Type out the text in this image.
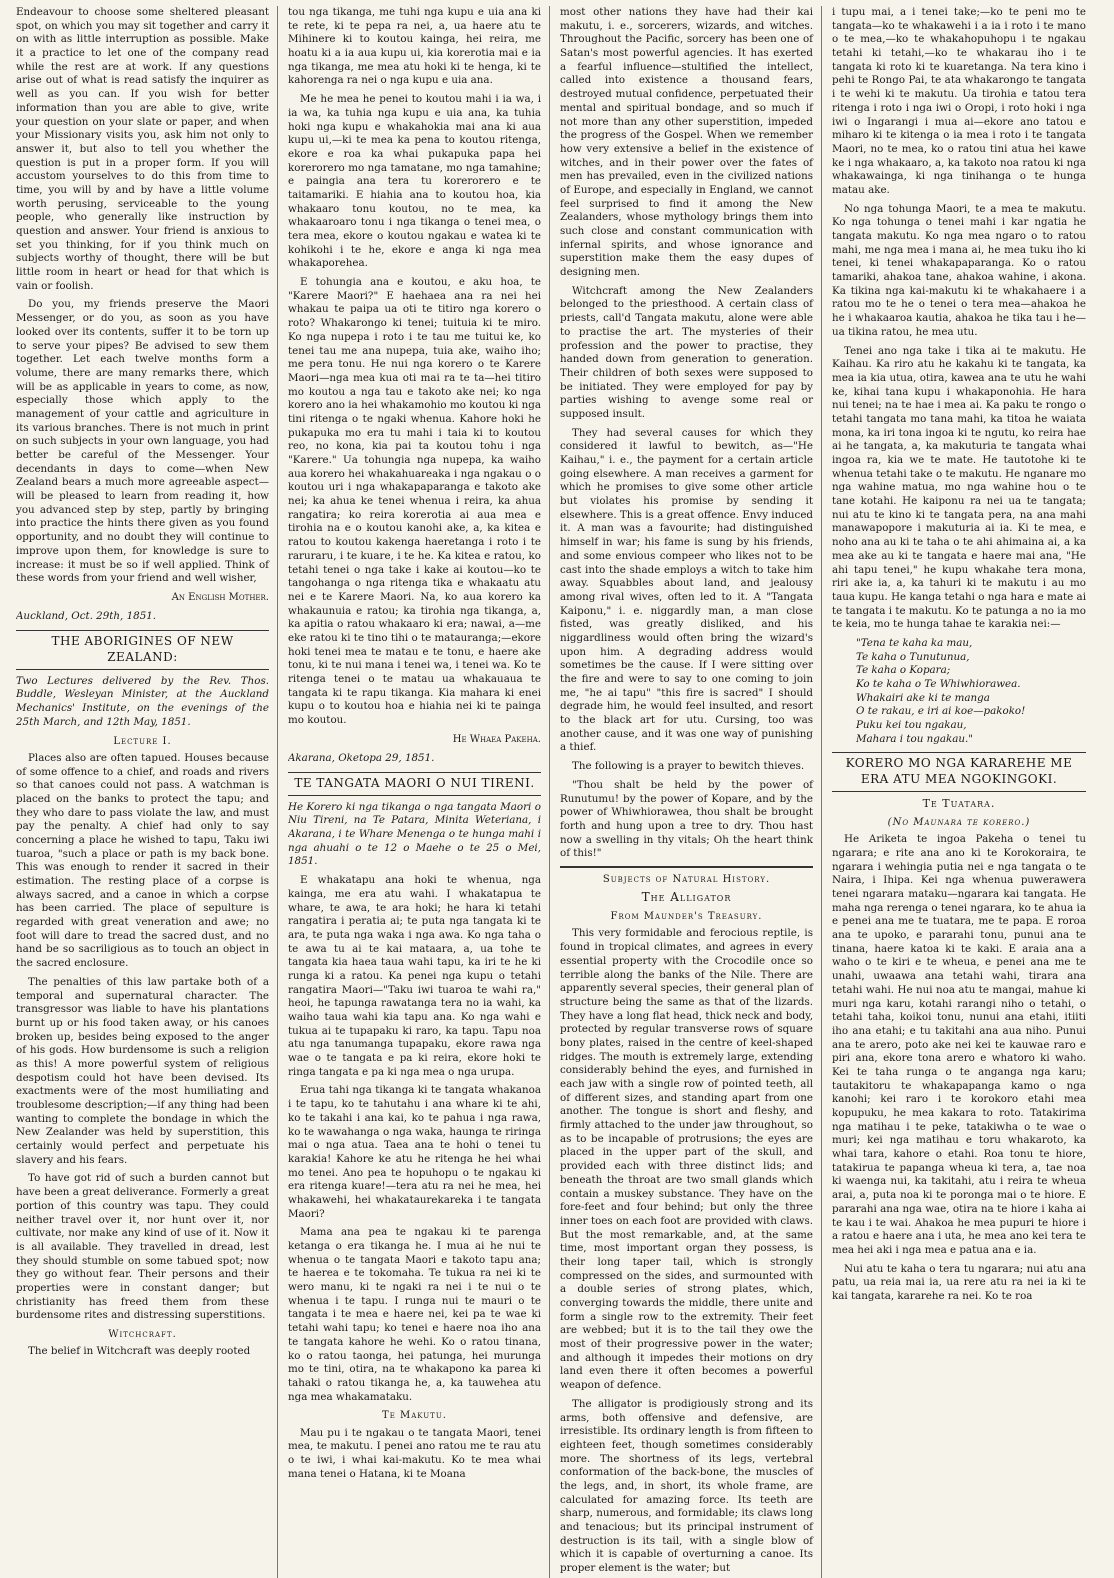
Endeavour to choose some sheltered pleasant spot, on which you may sit together and carry it on with as little interruption as possible. Make it a practice to let one of the company read while the rest are at work. If any questions arise out of what is read satisfy the inquirer as well as you can. If you wish for better information than you are able to give, write your question on your slate or paper, and when your Missionary visits you, ask him not only to answer it, but also to tell you whether the question is put in a proper form. If you will accustom yourselves to do this from time to time, you will by and by have a little volume worth perusing, serviceable to the young people, who generally like instruction by question and answer. Your friend is anxious to set you thinking, for if you think much on subjects worthy of thought, there will be but little room in heart or head for that which is vain or foolish.

Do you, my friends preserve the Maori Messenger, or do you, as soon as you have looked over its contents, suffer it to be torn up to serve your pipes? Be advised to sew them together. Let each twelve months form a volume, there are many remarks there, which will be as applicable in years to come, as now, especially those which apply to the management of your cattle and agriculture in its various branches. There is not much in print on such subjects in your own language, you had better be careful of the Messenger. Your decendants in days to come—when New Zealand bears a much more agreeable aspect—will be pleased to learn from reading it, how you advanced step by step, partly by bringing into practice the hints there given as you found opportunity, and no doubt they will continue to improve upon them, for knowledge is sure to increase: it must be so if well applied. Think of these words from your friend and well wisher,

An English Mother.

Auckland, Oct. 29th, 1851.

THE ABORIGINES OF NEW ZEALAND:

Two Lectures delivered by the Rev. Thos. Buddle, Wesleyan Minister, at the Auckland Mechanics' Institute, on the evenings of the 25th March, and 12th May, 1851.

Lecture I.

Places also are often tapued. Houses because of some offence to a chief, and roads and rivers so that canoes could not pass. A watchman is placed on the banks to protect the tapu; and they who dare to pass violate the law, and must pay the penalty. A chief had only to say concerning a place he wished to tapu, Taku iwi tuaroa, "such a place or path is my back bone. This was enough to render it sacred in their estimation. The resting place of a corpse is always sacred, and a canoe in which a corpse has been carried. The place of sepulture is regarded with great veneration and awe; no foot will dare to tread the sacred dust, and no hand be so sacriligious as to touch an object in the sacred enclosure.

The penalties of this law partake both of a temporal and supernatural character. The transgressor was liable to have his plantations burnt up or his food taken away, or his canoes broken up, besides being exposed to the anger of his gods. How burdensome is such a religion as this! A more powerful system of religious despotism could hot have been devised. Its exactments were of the most humiliating and troublesome description;—if any thing had been wanting to complete the bondage in which the New Zealander was held by superstition, this certainly would perfect and perpetuate his slavery and his fears.

To have got rid of such a burden cannot but have been a great deliverance. Formerly a great portion of this country was tapu. They could neither travel over it, nor hunt over it, nor cultivate, nor make any kind of use of it. Now it is all available. They travelled in dread, lest they should stumble on some tabued spot; now they go without fear. Their persons and their properties were in constant danger; but christianity has freed them from these burdensome rites and distressing superstitions.

Witchcraft.

The belief in Witchcraft was deeply rooted

tou nga tikanga, me tuhi nga kupu e uia ana ki te rete, ki te pepa ra nei, a, ua haere atu te Mihinere ki to koutou kainga, hei reira, me hoatu ki a ia aua kupu ui, kia korerotia mai e ia nga tikanga, me mea atu hoki ki te henga, ki te kahorenga ra nei o nga kupu e uia ana.

Me he mea he penei to koutou mahi i ia wa, i ia wa, ka tuhia nga kupu e uia ana, ka tuhia hoki nga kupu e whakahokia mai ana ki aua kupu ui,—ki te mea ka pena to koutou ritenga, ekore e roa ka whai pukapuka papa hei korerorero mo nga tamatane, mo nga tamahine; e paingia ana tera tu korerorero e te taitamariki. E hiahia ana to koutou hoa, kia whakaaro tonu koutou, no te mea, ka whakaaroaro tonu i nga tikanga o tenei mea, o tera mea, ekore o koutou ngakau e watea ki te kohikohi i te he, ekore e anga ki nga mea whakaporehea.

E tohungia ana e koutou, e aku hoa, te "Karere Maori?" E haehaea ana ra nei hei whakau te paipa ua oti te titiro nga korero o roto? Whakarongo ki tenei; tuituia ki te miro. Ko nga nupepa i roto i te tau me tuitui ke, ko tenei tau me ana nupepa, tuia ake, waiho iho; me pera tonu. He nui nga korero o te Karere Maori—nga mea kua oti mai ra te ta—hei titiro mo koutou a nga tau e takoto ake nei; ko nga korero ano ia hei whakamohio mo koutou ki nga tini ritenga o te ngaki whenua. Kahore hoki he pukapuka mo era tu mahi i taia ki to koutou reo, no kona, kia pai ta koutou tohu i nga "Karere." Ua tohungia nga nupepa, ka waiho aua korero hei whakahuareaka i nga ngakau o o koutou uri i nga whakapaparanga e takoto ake nei; ka ahua ke tenei whenua i reira, ka ahua rangatira; ko reira korerotia ai aua mea e tirohia na e o koutou kanohi ake, a, ka kitea e ratou to koutou kakenga haeretanga i roto i te raruraru, i te kuare, i te he. Ka kitea e ratou, ko tetahi tenei o nga take i kake ai koutou—ko te tangohanga o nga ritenga tika e whakaatu atu nei e te Karere Maori. Na, ko aua korero ka whakaunuia e ratou; ka tirohia nga tikanga, a, ka apitia o ratou whakaaro ki era; nawai, a—me eke ratou ki te tino tihi o te matauranga;—ekore hoki tenei mea te matau e te tonu, e haere ake tonu, ki te nui mana i tenei wa, i tenei wa. Ko te ritenga tenei o te matau ua whakauaua te tangata ki te rapu tikanga. Kia mahara ki enei kupu o to koutou hoa e hiahia nei ki te painga mo koutou.

He Whaea Pakeha.

Akarana, Oketopa 29, 1851.

TE TANGATA MAORI O NUI TIRENI.

He Korero ki nga tikanga o nga tangata Maori o Niu Tireni, na Te Patara, Minita Weteriana, i Akarana, i te Whare Menenga o te hunga mahi i nga ahuahi o te 12 o Maehe o te 25 o Mei, 1851.

E whakatapu ana hoki te whenua, nga kainga, me era atu wahi. I whakatapua te whare, te awa, te ara hoki; he hara ki tetahi rangatira i peratia ai; te puta nga tangata ki te ara, te puta nga waka i nga awa. Ko nga taha o te awa tu ai te kai mataara, a, ua tohe te tangata kia haea taua wahi tapu, ka iri te he ki runga ki a ratou. Ka penei nga kupu o tetahi rangatira Maori—"Taku iwi tuaroa te wahi ra," heoi, he tapunga rawatanga tera no ia wahi, ka waiho taua wahi kia tapu ana. Ko nga wahi e tukua ai te tupapaku ki raro, ka tapu. Tapu noa atu nga tanumanga tupapaku, ekore rawa nga wae o te tangata e pa ki reira, ekore hoki te ringa tangata e pa ki nga mea o nga urupa.

Erua tahi nga tikanga ki te tangata whakanoa i te tapu, ko te tahutahu i ana whare ki te ahi, ko te takahi i ana kai, ko te pahua i nga rawa, ko te wawahanga o nga waka, haunga te riringa mai o nga atua. Taea ana te hohi o tenei tu karakia! Kahore ke atu he ritenga he hei whai mo tenei. Ano pea te hopuhopu o te ngakau ki era ritenga kuare!—tera atu ra nei he mea, hei whakawehi, hei whakataurekareka i te tangata Maori?

Mama ana pea te ngakau ki te parenga ketanga o era tikanga he. I mua ai he nui te whenua o te tangata Maori e takoto tapu ana; te haerea e te tokomaha. Te tukua ra nei ki te wero manu, ki te ngaki ra nei i te nui o te whenua i te tapu. I runga nui te mauri o te tangata i te mea e haere nei, kei pa te wae ki tetahi wahi tapu; ko tenei e haere noa iho ana te tangata kahore he wehi. Ko o ratou tinana, ko o ratou taonga, hei patunga, hei murunga mo te tini, otira, na te whakapono ka parea ki tahaki o ratou tikanga he, a, ka tauwehea atu nga mea whakamataku.

Te Makutu.

Mau pu i te ngakau o te tangata Maori, tenei mea, te makutu. I penei ano ratou me te rau atu o te iwi, i whai kai-makutu. Ko te mea whai mana tenei o Hatana, ki te Moana

most other nations they have had their kai makutu, i. e., sorcerers, wizards, and witches. Throughout the Pacific, sorcery has been one of Satan's most powerful agencies. It has exerted a fearful influence—stultified the intellect, called into existence a thousand fears, destroyed mutual confidence, perpetuated their mental and spiritual bondage, and so much if not more than any other superstition, impeded the progress of the Gospel. When we remember how very extensive a belief in the existence of witches, and in their power over the fates of men has prevailed, even in the civilized nations of Europe, and especially in England, we cannot feel surprised to find it among the New Zealanders, whose mythology brings them into such close and constant communication with infernal spirits, and whose ignorance and superstition make them the easy dupes of designing men.

Witchcraft among the New Zealanders belonged to the priesthood. A certain class of priests, call'd Tangata makutu, alone were able to practise the art. The mysteries of their profession and the power to practise, they handed down from generation to generation. Their children of both sexes were supposed to be initiated. They were employed for pay by parties wishing to avenge some real or supposed insult.

They had several causes for which they considered it lawful to bewitch, as—"He Kaihau," i. e., the payment for a certain article going elsewhere. A man receives a garment for which he promises to give some other article but violates his promise by sending it elsewhere. This is a great offence. Envy induced it. A man was a favourite; had distinguished himself in war; his fame is sung by his friends, and some envious compeer who likes not to be cast into the shade employs a witch to take him away. Squabbles about land, and jealousy among rival wives, often led to it. A "Tangata Kaiponu," i. e. niggardly man, a man close fisted, was greatly disliked, and his niggardliness would often bring the wizard's upon him. A degrading address would sometimes be the cause. If I were sitting over the fire and were to say to one coming to join me, "he ai tapu" "this fire is sacred" I should degrade him, he would feel insulted, and resort to the black art for utu. Cursing, too was another cause, and it was one way of punishing a thief.

The following is a prayer to bewitch thieves.

"Thou shalt be held by the power of Runutumu! by the power of Kopare, and by the power of Whiwhiorawea, thou shalt be brought forth and hung upon a tree to dry. Thou hast now a swelling in thy vitals; Oh the heart think of this!"

Subjects of Natural History.
The Alligator
From Maunder's Treasury.

This very formidable and ferocious reptile, is found in tropical climates, and agrees in every essential property with the Crocodile once so terrible along the banks of the Nile. There are apparently several species, their general plan of structure being the same as that of the lizards. They have a long flat head, thick neck and body, protected by regular transverse rows of square bony plates, raised in the centre of keel-shaped ridges. The mouth is extremely large, extending considerably behind the eyes, and furnished in each jaw with a single row of pointed teeth, all of different sizes, and standing apart from one another. The tongue is short and fleshy, and firmly attached to the under jaw throughout, so as to be incapable of protrusions; the eyes are placed in the upper part of the skull, and provided each with three distinct lids; and beneath the throat are two small glands which contain a muskey substance. They have on the fore-feet and four behind; but only the three inner toes on each foot are provided with claws. But the most remarkable, and, at the same time, most important organ they possess, is their long taper tail, which is strongly compressed on the sides, and surmounted with a double series of strong plates, which, converging towards the middle, there unite and form a single row to the extremity. Their feet are webbed; but it is to the tail they owe the most of their progressive power in the water; and although it impedes their motions on dry land even there it often becomes a powerful weapon of defence.

The alligator is prodigiously strong and its arms, both offensive and defensive, are irresistible. Its ordinary length is from fifteen to eighteen feet, though sometimes considerably more. The shortness of its legs, vertebral conformation of the back-bone, the muscles of the legs, and, in short, its whole frame, are calculated for amazing force. Its teeth are sharp, numerous, and formidable; its claws long and tenacious; but its principal instrument of destruction is its tail, with a single blow of which it is capable of overturning a canoe. Its proper element is the water; but

i tupu mai, a i tenei take;—ko te peni mo te tangata—ko te whakawehi i a ia i roto i te mano o te mea,—ko te whakahopuhopu i te ngakau tetahi ki tetahi,—ko te whakarau iho i te tangata ki roto ki te kuaretanga. Na tera kino i pehi te Rongo Pai, te ata whakarongo te tangata i te wehi ki te makutu. Ua tirohia e tatou tera ritenga i roto i nga iwi o Oropi, i roto hoki i nga iwi o Ingarangi i mua ai—ekore ano tatou e miharo ki te kitenga o ia mea i roto i te tangata Maori, no te mea, ko o ratou tini atua hei kawe ke i nga whakaaro, a, ka takoto noa ratou ki nga whakawainga, ki nga tinihanga o te hunga matau ake.

No nga tohunga Maori, te a mea te makutu. Ko nga tohunga o tenei mahi i kar ngatia he tangata makutu. Ko nga mea ngaro o to ratou mahi, me nga mea i mana ai, he mea tuku iho ki tenei, ki tenei whakapaparanga. Ko o ratou tamariki, ahakoa tane, ahakoa wahine, i akona. Ka tikina nga kai-makutu ki te whakahaere i a ratou mo te he o tenei o tera mea—ahakoa he he i whakaaroa kautia, ahakoa he tika tau i he—ua tikina ratou, he mea utu.

Tenei ano nga take i tika ai te makutu. He Kaihau. Ka riro atu he kakahu ki te tangata, ka mea ia kia utua, otira, kawea ana te utu he wahi ke, kihai tana kupu i whakaponohia. He hara nui tenei; na te hae i mea ai. Ka paku te rongo o tetahi tangata mo tana mahi, ka titoa he waiata mona, ka iri tona ingoa ki te ngutu, ko reira hae ai he tangata, a, ka makuturia te tangata whai ingoa ra, kia we te mate. He tautotohe ki te whenua tetahi take o te makutu. He nganare mo nga wahine matua, mo nga wahine hou o te tane kotahi. He kaiponu ra nei ua te tangata; nui atu te kino ki te tangata pera, na ana mahi manawapopore i makuturia ai ia. Ki te mea, e noho ana au ki te taha o te ahi ahimaina ai, a ka mea ake au ki te tangata e haere mai ana, "He ahi tapu tenei," he kupu whakahe tera mona, riri ake ia, a, ka tahuri ki te makutu i au mo taua kupu. He kanga tetahi o nga hara e mate ai te tangata i te makutu. Ko te patunga a no ia mo te keia, mo te hunga tahae te karakia nei:—

"Tena te kaha ka mau,
Te kaha o Tunutunua,
Te kaha o Kopara;
Ko te kaha o Te Whiwhiorawea.
Whakairi ake ki te manga
O te rakau, e iri ai koe—pakoko!
Puku kei tou ngakau,
Mahara i tou ngakau."
KORERO MO NGA KARAREHE ME ERA ATU MEA NGOKINGOKI.
Te Tuatara.
(No Maunara te korero.)

He Ariketa te ingoa Pakeha o tenei tu ngarara; e rite ana ano ki te Korokoraira, te ngarara i wehingia putia nei e nga tangata o te Naira, i Ihipa. Kei nga whenua puwerawera tenei ngarara mataku—ngarara kai tangata. He maha nga rerenga o tenei ngarara, ko te ahua ia e penei ana me te tuatara, me te papa. E roroa ana te upoko, e pararahi tonu, punui ana te tinana, haere katoa ki te kaki. E araia ana a waho o te kiri e te wheua, e penei ana me te unahi, uwaawa ana tetahi wahi, tirara ana tetahi wahi. He nui noa atu te mangai, mahue ki muri nga karu, kotahi rarangi niho o tetahi, o tetahi taha, koikoi tonu, nunui ana etahi, itiiti iho ana etahi; e tu takitahi ana aua niho. Punui ana te arero, poto ake nei kei te kauwae raro e piri ana, ekore tona arero e whatoro ki waho. Kei te taha runga o te anganga nga karu; tautakitoru te whakapapanga kamo o nga kanohi; kei raro i te korokoro etahi mea kopupuku, he mea kakara to roto. Tatakirima nga matihau i te peke, tatakiwha o te wae o muri; kei nga matihau e toru whakaroto, ka whai tara, kahore o etahi. Roa tonu te hiore, tatakirua te papanga wheua ki tera, a, tae noa ki waenga nui, ka takitahi, atu i reira te wheua arai, a, puta noa ki te poronga mai o te hiore. E pararahi ana nga wae, otira na te hiore i kaha ai te kau i te wai. Ahakoa he mea pupuri te hiore i a ratou e haere ana i uta, he mea ano kei tera te mea hei aki i nga mea e patua ana e ia.

Nui atu te kaha o tera tu ngarara; nui atu ana patu, ua reia mai ia, ua rere atu ra nei ia ki te kai tangata, kararehe ra nei. Ko te roa
